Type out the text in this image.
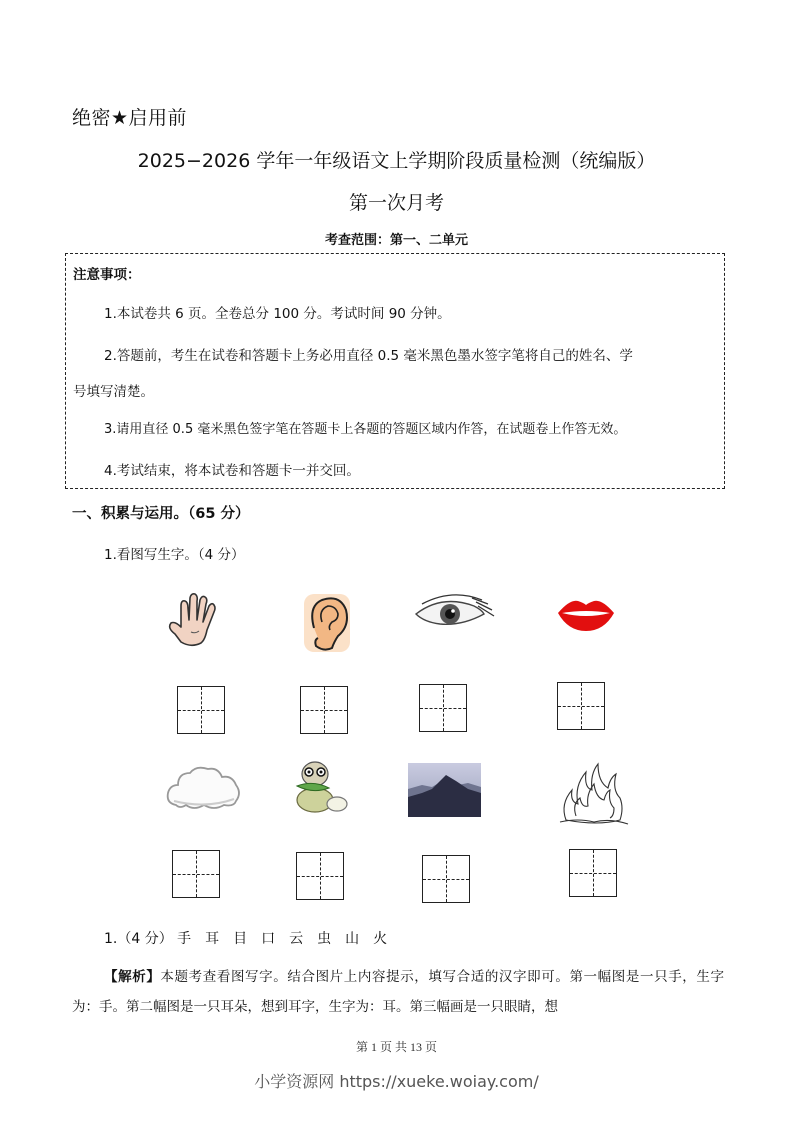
绝密★启用前
2025−2026 学年一年级语文上学期阶段质量检测（统编版）
第一次月考
考查范围：第一、二单元
注意事项：
1.本试卷共 6 页。全卷总分 100 分。考试时间 90 分钟。
2.答题前，考生在试卷和答题卡上务必用直径 0.5 毫米黑色墨水签字笔将自己的姓名、学
号填写清楚。
3.请用直径 0.5 毫米黑色签字笔在答题卡上各题的答题区域内作答，在试题卷上作答无效。
4.考试结束，将本试卷和答题卡一并交回。
一、积累与运用。（65 分）
1.看图写生字。（4 分）
1.（4 分） 手 耳 目 口 云 虫 山 火
【解析】本题考查看图写字。结合图片上内容提示，填写合适的汉字即可。第一幅图是一只手，生字为：手。第二幅图是一只耳朵，想到耳字，生字为：耳。第三幅画是一只眼睛，想
第 1 页 共 13 页
小学资源网 https://xueke.woiay.com/
